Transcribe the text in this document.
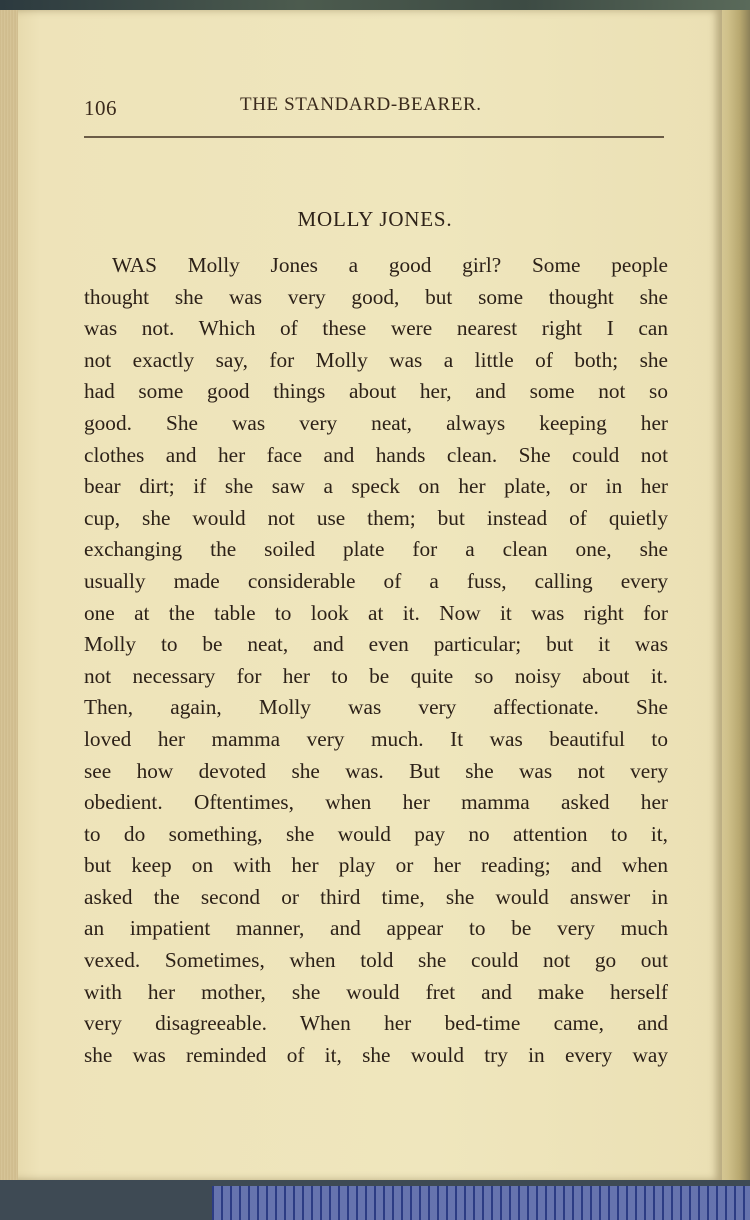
106	THE STANDARD-BEARER.
MOLLY JONES.
WAS Molly Jones a good girl? Some people
thought she was very good, but some thought she
was not. Which of these were nearest right I can
not exactly say, for Molly was a little of both; she
had some good things about her, and some not so
good. She was very neat, always keeping her
clothes and her face and hands clean. She could not
bear dirt; if she saw a speck on her plate, or in her
cup, she would not use them; but instead of quietly
exchanging the soiled plate for a clean one, she
usually made considerable of a fuss, calling every
one at the table to look at it. Now it was right for
Molly to be neat, and even particular; but it was
not necessary for her to be quite so noisy about it.
Then, again, Molly was very affectionate. She
loved her mamma very much. It was beautiful to
see how devoted she was. But she was not very
obedient. Oftentimes, when her mamma asked her
to do something, she would pay no attention to it,
but keep on with her play or her reading; and when
asked the second or third time, she would answer in
an impatient manner, and appear to be very much
vexed. Sometimes, when told she could not go out
with her mother, she would fret and make herself
very disagreeable. When her bed-time came, and
she was reminded of it, she would try in every way
